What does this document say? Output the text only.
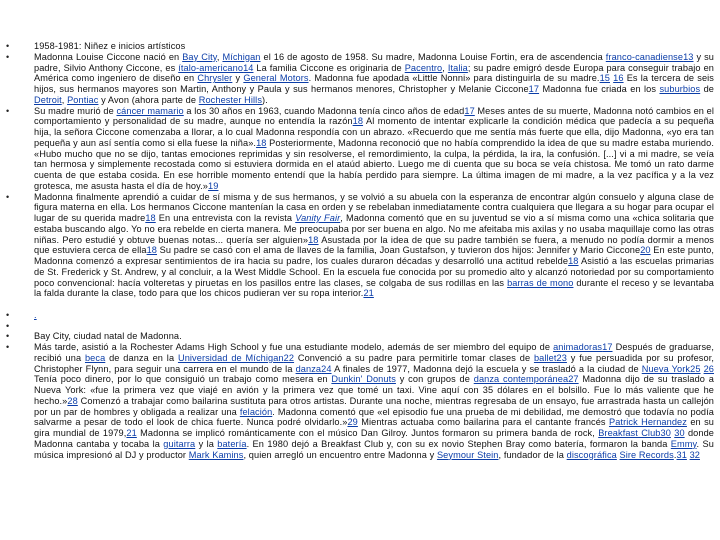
•	1958-1981: Niñez e inicios artísticos
•	Madonna Louise Ciccone nació en Bay City, Míchigan el 16 de agosto de 1958. Su madre, Madonna Louise Fortin, era de ascendencia franco-canadiense13 y su padre, Silvio Anthony Ciccone, es ítalo-americano14 La familia Ciccone es originaria de Pacentro, Italia; su padre emigró desde Europa para conseguir trabajo en América como ingeniero de diseño en Chrysler y General Motors. Madonna fue apodada «Little Nonni» para distinguirla de su madre.15 16 Es la tercera de seis hijos, sus hermanos mayores son Martin, Anthony y Paula y sus hermanos menores, Christopher y Melanie Ciccone17 Madonna fue criada en los suburbios de Detroit, Pontiac y Avon (ahora parte de Rochester Hills).
•	Su madre murió de cáncer mamario a los 30 años en 1963, cuando Madonna tenía cinco años de edad17 Meses antes de su muerte, Madonna notó cambios en el comportamiento y personalidad de su madre, aunque no entendía la razón18 Al momento de intentar explicarle la condición médica que padecía a su pequeña hija, la señora Ciccone comenzaba a llorar, a lo cual Madonna respondía con un abrazo. «Recuerdo que me sentía más fuerte que ella, dijo Madonna, «yo era tan pequeña y aun así sentía como si ella fuese la niña».18 Posteriormente, Madonna reconoció que no había comprendido la idea de que su madre estaba muriendo. «Hubo mucho que no se dijo, tantas emociones reprimidas y sin resolverse, el remordimiento, la culpa, la pérdida, la ira, la confusión. [...] vi a mi madre, se veía tan hermosa y simplemente recostada como si estuviera dormida en el ataúd abierto. Luego me di cuenta que su boca se veía chistosa. Me tomó un rato darme cuenta de que estaba cosida. En ese horrible momento entendí que la había perdido para siempre. La última imagen de mi madre, a la vez pacífica y a la vez grotesca, me asusta hasta el día de hoy.»19
•	Madonna finalmente aprendió a cuidar de sí misma y de sus hermanos, y se volvió a su abuela con la esperanza de encontrar algún consuelo y alguna clase de figura materna en ella. Los hermanos Ciccone mantenían la casa en orden y se rebelaban inmediatamente contra cualquiera que llegara a su hogar para ocupar el lugar de su querida madre18 En una entrevista con la revista Vanity Fair, Madonna comentó que en su juventud se vio a sí misma como una «chica solitaria que estaba buscando algo. Yo no era rebelde en cierta manera. Me preocupaba por ser buena en algo. No me afeitaba mis axilas y no usaba maquillaje como las otras niñas. Pero estudié y obtuve buenas notas... quería ser alguien»18 Asustada por la idea de que su padre también se fuera, a menudo no podía dormir a menos que estuviera cerca de ella18 Su padre se casó con el ama de llaves de la familia, Joan Gustafson, y tuvieron dos hijos: Jennifer y Mario Ciccone20 En este punto, Madonna comenzó a expresar sentimientos de ira hacia su padre, los cuales duraron décadas y desarrolló una actitud rebelde18 Asistió a las escuelas primarias de St. Frederick y St. Andrew, y al concluir, a la West Middle School. En la escuela fue conocida por su promedio alto y alcanzó notoriedad por su comportamiento poco convencional: hacía volteretas y piruetas en los pasillos entre las clases, se colgaba de sus rodillas en las barras de mono durante el receso y se levantaba la falda durante la clase, todo para que los chicos pudieran ver su ropa interior.21
•	.
•

•	Bay City, ciudad natal de Madonna.
•	Más tarde, asistió a la Rochester Adams High School y fue una estudiante modelo, además de ser miembro del equipo de animadoras17 Después de graduarse, recibió una beca de danza en la Universidad de Míchigan22 Convenció a su padre para permitirle tomar clases de ballet23 y fue persuadida por su profesor, Christopher Flynn, para seguir una carrera en el mundo de la danza24 A finales de 1977, Madonna dejó la escuela y se trasladó a la ciudad de Nueva York25 26 Tenía poco dinero, por lo que consiguió un trabajo como mesera en Dunkin' Donuts y con grupos de danza contemporánea27 Madonna dijo de su traslado a Nueva York: «fue la primera vez que viajé en avión y la primera vez que tomé un taxi. Vine aquí con 35 dólares en el bolsillo. Fue lo más valiente que he hecho.»28 Comenzó a trabajar como bailarina sustituta para otros artistas. Durante una noche, mientras regresaba de un ensayo, fue arrastrada hasta un callejón por un par de hombres y obligada a realizar una felación. Madonna comentó que «el episodio fue una prueba de mi debilidad, me demostró que todavía no podía salvarme a pesar de todo el look de chica fuerte. Nunca podré olvidarlo.»29 Mientras actuaba como bailarina para el cantante francés Patrick Hernandez en su gira mundial de 1979,21 Madonna se implicó románticamente con el músico Dan Gilroy. Juntos formaron su primera banda de rock, Breakfast Club30 30 donde Madonna cantaba y tocaba la guitarra y la batería. En 1980 dejó a Breakfast Club y, con su ex novio Stephen Bray como batería, formaron la banda Emmy. Su música impresionó al DJ y productor Mark Kamins, quien arregló un encuentro entre Madonna y Seymour Stein, fundador de la discográfica Sire Records.31 32
